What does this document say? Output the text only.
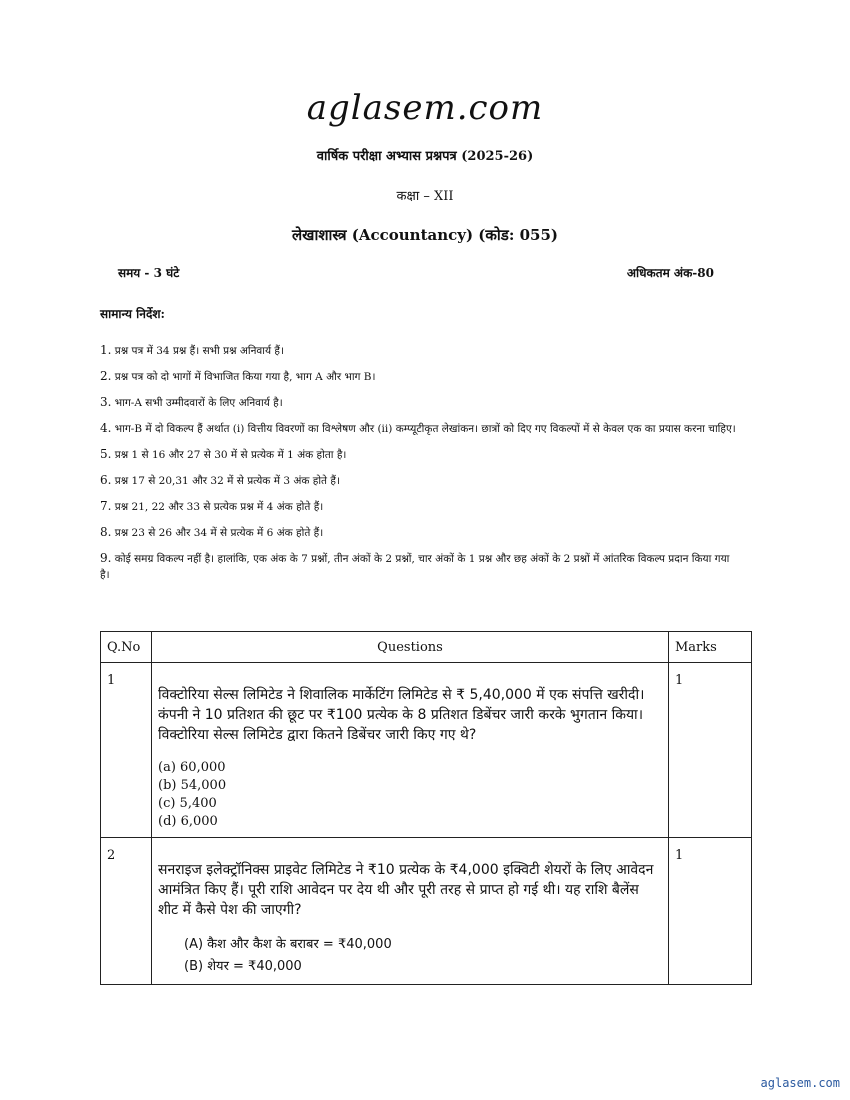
aglasem.com
वार्षिक परीक्षा अभ्यास प्रश्नपत्र (2025-26)
कक्षा – XII
लेखाशास्त्र (Accountancy) (कोड: 055)
समय - 3 घंटे	अधिकतम अंक-80
सामान्य निर्देश:
1. प्रश्न पत्र में 34 प्रश्न हैं। सभी प्रश्न अनिवार्य हैं।
2. प्रश्न पत्र को दो भागों में विभाजित किया गया है, भाग A और भाग B।
3. भाग-A सभी उम्मीदवारों के लिए अनिवार्य है।
4. भाग-B में दो विकल्प हैं अर्थात (i) वित्तीय विवरणों का विश्लेषण और (ii) कम्प्यूटीकृत लेखांकन। छात्रों को दिए गए विकल्पों में से केवल एक का प्रयास करना चाहिए।
5. प्रश्न 1 से 16 और 27 से 30 में से प्रत्येक में 1 अंक होता है।
6. प्रश्न 17 से 20,31 और 32 में से प्रत्येक में 3 अंक होते हैं।
7. प्रश्न 21, 22 और 33 से प्रत्येक प्रश्न में 4 अंक होते हैं।
8. प्रश्न 23 से 26 और 34 में से प्रत्येक में 6 अंक होते हैं।
9. कोई समग्र विकल्प नहीं है। हालांकि, एक अंक के 7 प्रश्नों, तीन अंकों के 2 प्रश्नों, चार अंकों के 1 प्रश्न और छह अंकों के 2 प्रश्नों में आंतरिक विकल्प प्रदान किया गया है।
Q.No	Questions	Marks
1	विक्टोरिया सेल्स लिमिटेड ने शिवालिक मार्केटिंग लिमिटेड से ₹ 5,40,000 में एक संपत्ति खरीदी। कंपनी ने 10 प्रतिशत की छूट पर ₹100 प्रत्येक के 8 प्रतिशत डिबेंचर जारी करके भुगतान किया। विक्टोरिया सेल्स लिमिटेड द्वारा कितने डिबेंचर जारी किए गए थे?
(a) 60,000
(b) 54,000
(c) 5,400
(d) 6,000	1
2	सनराइज इलेक्ट्रॉनिक्स प्राइवेट लिमिटेड ने ₹10 प्रत्येक के ₹4,000 इक्विटी शेयरों के लिए आवेदन आमंत्रित किए हैं। पूरी राशि आवेदन पर देय थी और पूरी तरह से प्राप्त हो गई थी। यह राशि बैलेंस शीट में कैसे पेश की जाएगी?
(A) कैश और कैश के बराबर = ₹40,000
(B) शेयर = ₹40,000	1
aglasem.com
